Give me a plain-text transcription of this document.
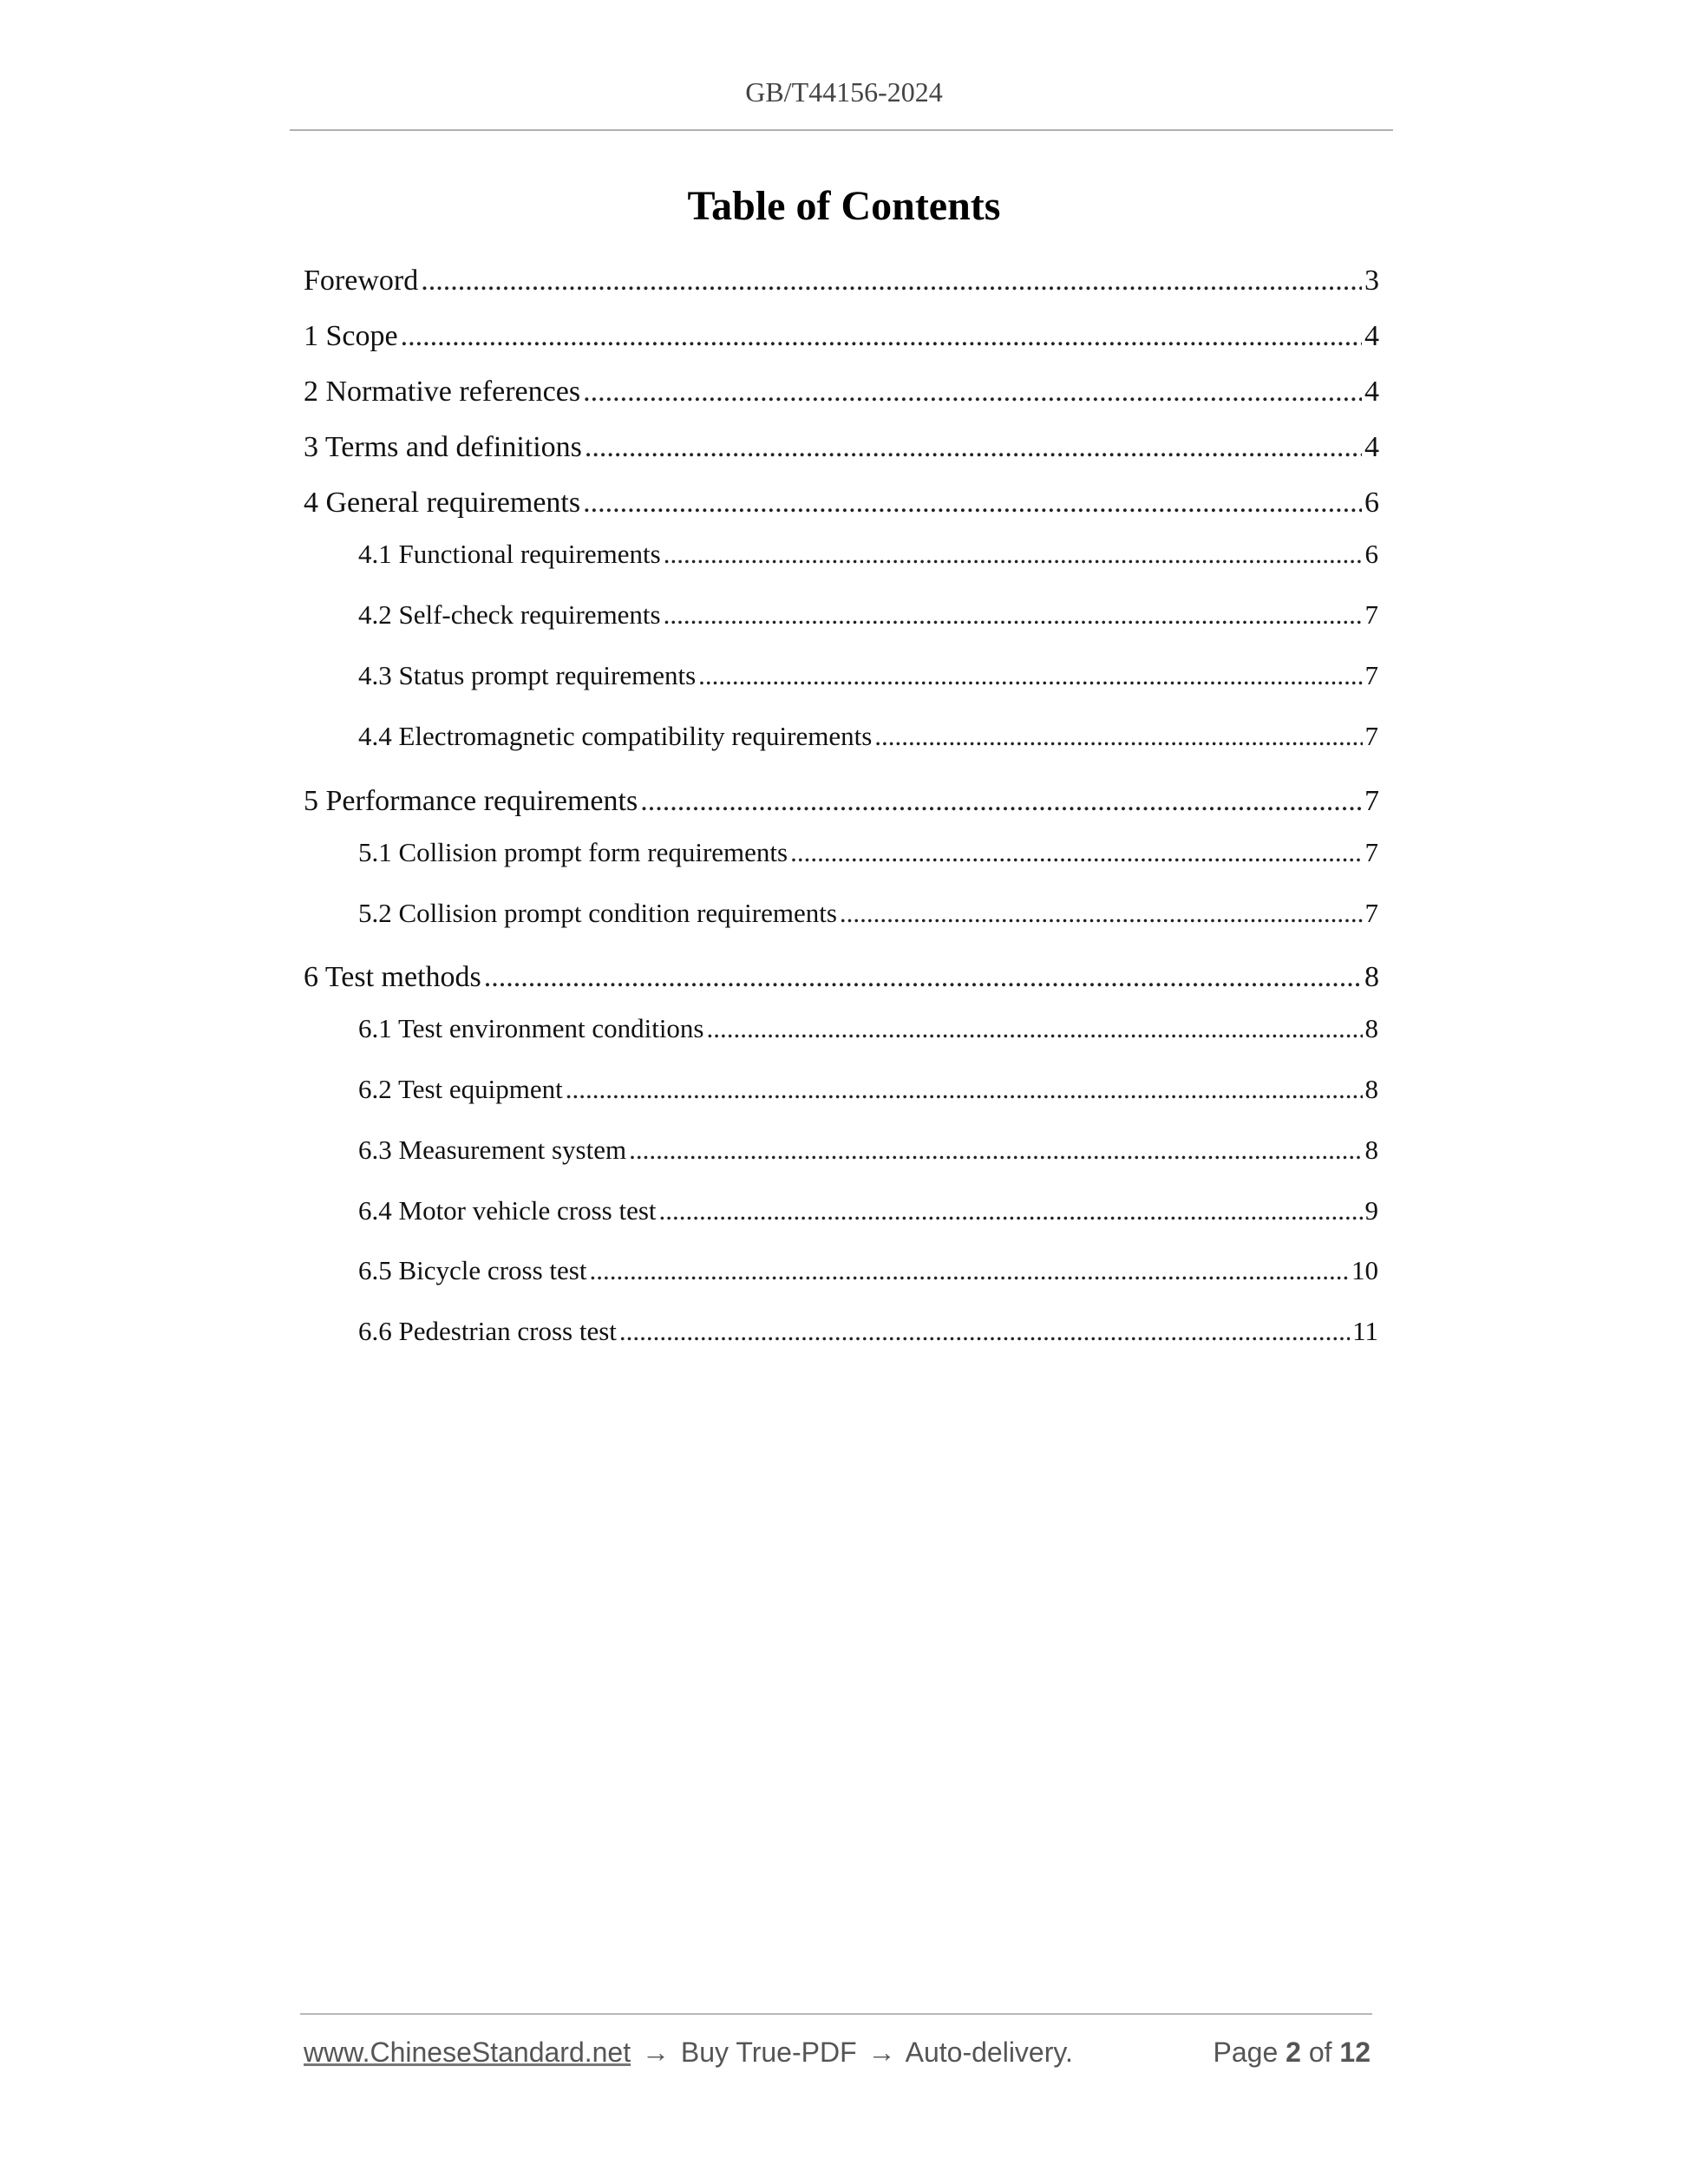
GB/T44156-2024
Table of Contents
Foreword .....	3
1 Scope .....	4
2 Normative references .....	4
3 Terms and definitions .....	4
4 General requirements .....	6
4.1 Functional requirements .....	6
4.2 Self-check requirements .....	7
4.3 Status prompt requirements .....	7
4.4 Electromagnetic compatibility requirements .....	7
5 Performance requirements .....	7
5.1 Collision prompt form requirements .....	7
5.2 Collision prompt condition requirements .....	7
6 Test methods .....	8
6.1 Test environment conditions .....	8
6.2 Test equipment .....	8
6.3 Measurement system .....	8
6.4 Motor vehicle cross test .....	9
6.5 Bicycle cross test .....	10
6.6 Pedestrian cross test .....	11
www.ChineseStandard.net → Buy True-PDF → Auto-delivery.	Page 2 of 12
